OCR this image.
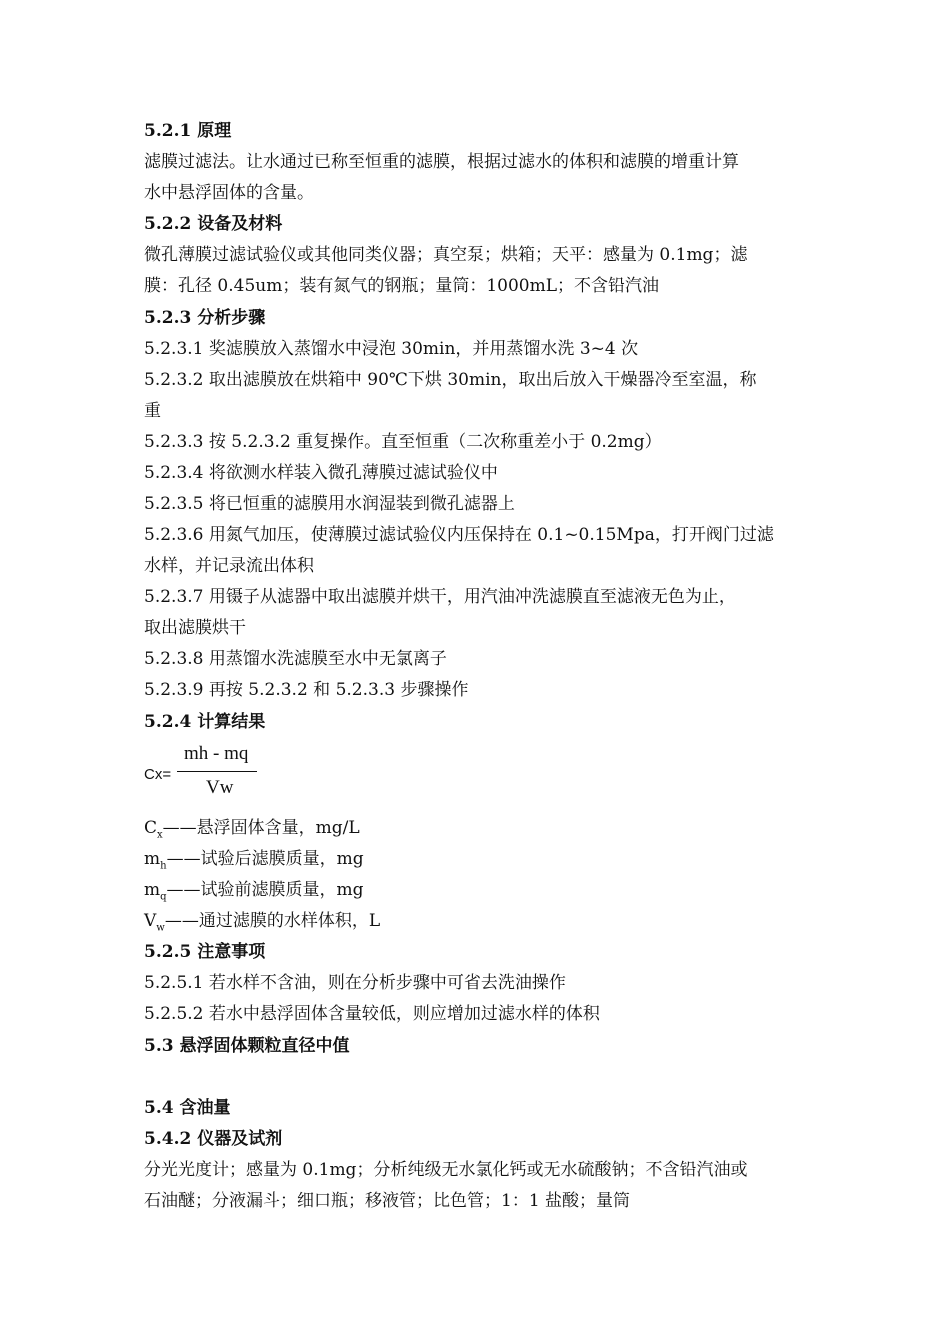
5.2.1 原理
滤膜过滤法。让水通过已称至恒重的滤膜，根据过滤水的体积和滤膜的增重计算
水中悬浮固体的含量。
5.2.2 设备及材料
微孔薄膜过滤试验仪或其他同类仪器；真空泵；烘箱；天平：感量为 0.1mg；滤
膜：孔径 0.45um；装有氮气的钢瓶；量筒：1000mL；不含铅汽油
5.2.3 分析步骤
5.2.3.1 奖滤膜放入蒸馏水中浸泡 30min，并用蒸馏水洗 3~4 次
5.2.3.2 取出滤膜放在烘箱中 90℃下烘 30min，取出后放入干燥器冷至室温，称
重
5.2.3.3 按 5.2.3.2 重复操作。直至恒重（二次称重差小于 0.2mg）
5.2.3.4 将欲测水样装入微孔薄膜过滤试验仪中
5.2.3.5 将已恒重的滤膜用水润湿装到微孔滤器上
5.2.3.6 用氮气加压，使薄膜过滤试验仪内压保持在 0.1~0.15Mpa，打开阀门过滤
水样，并记录流出体积
5.2.3.7 用镊子从滤器中取出滤膜并烘干，用汽油冲洗滤膜直至滤液无色为止，
取出滤膜烘干
5.2.3.8 用蒸馏水洗滤膜至水中无氯离子
5.2.3.9 再按 5.2.3.2 和 5.2.3.3 步骤操作
5.2.4 计算结果
5.2.5 注意事项
5.2.5.1 若水样不含油，则在分析步骤中可省去洗油操作
5.2.5.2 若水中悬浮固体含量较低，则应增加过滤水样的体积
5.3 悬浮固体颗粒直径中值
5.4 含油量
5.4.2 仪器及试剂
分光光度计；感量为 0.1mg；分析纯级无水氯化钙或无水硫酸钠；不含铅汽油或
石油醚；分液漏斗；细口瓶；移液管；比色管；1：1 盐酸；量筒
Cx=
mh - mq
Vw
$C_x——$悬浮固体含量，mg/L
$m_h——$试验后滤膜质量，mg
$m_q——$试验前滤膜质量，mg
$V_w——$通过滤膜的水样体积，L
